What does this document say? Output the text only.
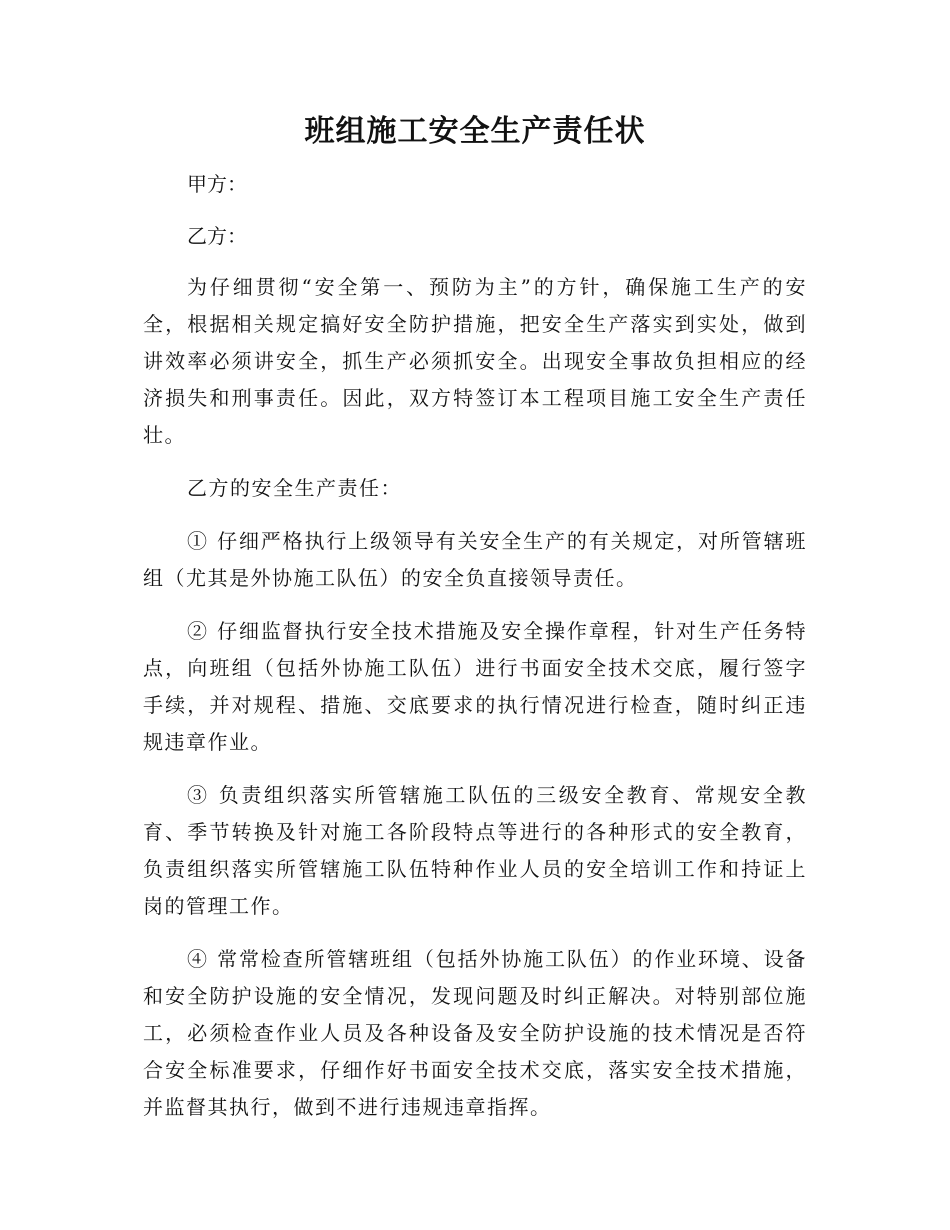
班组施工安全生产责任状
甲方：
乙方：

为仔细贯彻“安全第一、预防为主”的方针，确保施工生产的安全，根据相关规定搞好安全防护措施，把安全生产落实到实处，做到讲效率必须讲安全，抓生产必须抓安全。出现安全事故负担相应的经济损失和刑事责任。因此，双方特签订本工程项目施工安全生产责任壮。

乙方的安全生产责任：

① 仔细严格执行上级领导有关安全生产的有关规定，对所管辖班组（尤其是外协施工队伍）的安全负直接领导责任。

② 仔细监督执行安全技术措施及安全操作章程，针对生产任务特点，向班组（包括外协施工队伍）进行书面安全技术交底，履行签字手续，并对规程、措施、交底要求的执行情况进行检查，随时纠正违规违章作业。

③ 负责组织落实所管辖施工队伍的三级安全教育、常规安全教育、季节转换及针对施工各阶段特点等进行的各种形式的安全教育，负责组织落实所管辖施工队伍特种作业人员的安全培训工作和持证上岗的管理工作。

④ 常常检查所管辖班组（包括外协施工队伍）的作业环境、设备和安全防护设施的安全情况，发现问题及时纠正解决。对特别部位施工，必须检查作业人员及各种设备及安全防护设施的技术情况是否符合安全标准要求，仔细作好书面安全技术交底，落实安全技术措施，并监督其执行，做到不进行违规违章指挥。
